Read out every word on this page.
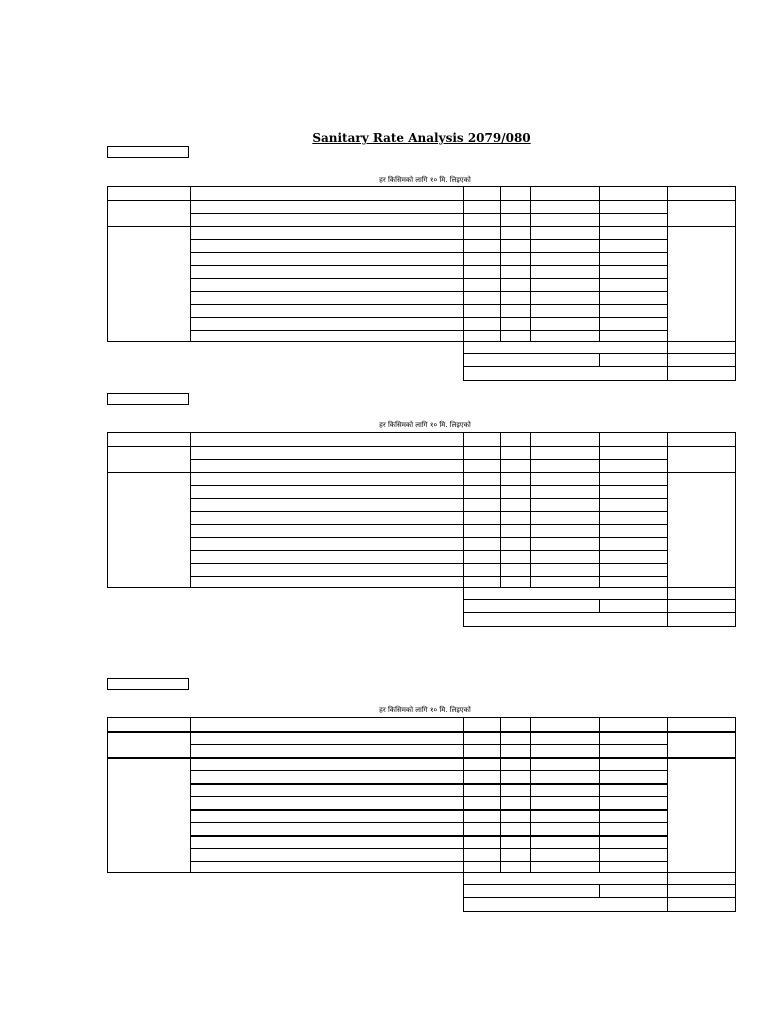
Sanitary Rate Analysis 2079/080
हर किसिमको लागि १० मि. लिइएको
हर किसिमको लागि १० मि. लिइएको
हर किसिमको लागि १० मि. लिइएको
